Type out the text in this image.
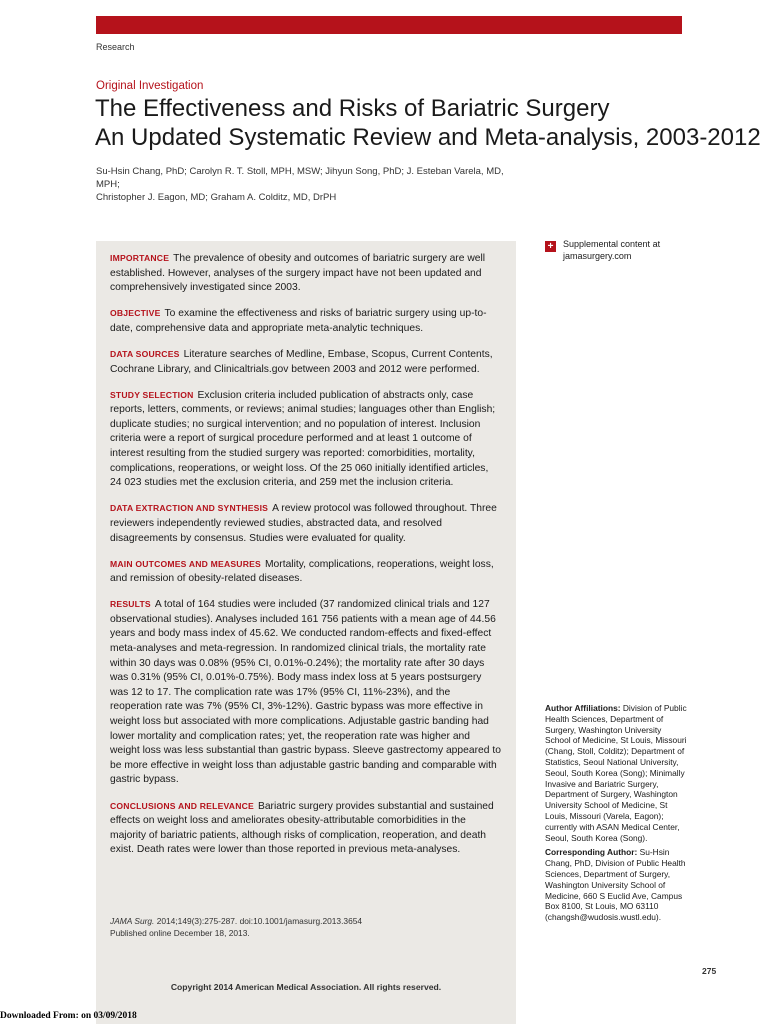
Research
Original Investigation
The Effectiveness and Risks of Bariatric Surgery
An Updated Systematic Review and Meta-analysis, 2003-2012
Su-Hsin Chang, PhD; Carolyn R. T. Stoll, MPH, MSW; Jihyun Song, PhD; J. Esteban Varela, MD, MPH;
Christopher J. Eagon, MD; Graham A. Colditz, MD, DrPH

IMPORTANCE The prevalence of obesity and outcomes of bariatric surgery are well established. However, analyses of the surgery impact have not been updated and comprehensively investigated since 2003.

OBJECTIVE To examine the effectiveness and risks of bariatric surgery using up-to-date, comprehensive data and appropriate meta-analytic techniques.

DATA SOURCES Literature searches of Medline, Embase, Scopus, Current Contents, Cochrane Library, and Clinicaltrials.gov between 2003 and 2012 were performed.

STUDY SELECTION Exclusion criteria included publication of abstracts only, case reports, letters, comments, or reviews; animal studies; languages other than English; duplicate studies; no surgical intervention; and no population of interest. Inclusion criteria were a report of surgical procedure performed and at least 1 outcome of interest resulting from the studied surgery was reported: comorbidities, mortality, complications, reoperations, or weight loss. Of the 25 060 initially identified articles, 24 023 studies met the exclusion criteria, and 259 met the inclusion criteria.

DATA EXTRACTION AND SYNTHESIS A review protocol was followed throughout. Three reviewers independently reviewed studies, abstracted data, and resolved disagreements by consensus. Studies were evaluated for quality.

MAIN OUTCOMES AND MEASURES Mortality, complications, reoperations, weight loss, and remission of obesity-related diseases.

RESULTS A total of 164 studies were included (37 randomized clinical trials and 127 observational studies). Analyses included 161 756 patients with a mean age of 44.56 years and body mass index of 45.62. We conducted random-effects and fixed-effect meta-analyses and meta-regression. In randomized clinical trials, the mortality rate within 30 days was 0.08% (95% CI, 0.01%-0.24%); the mortality rate after 30 days was 0.31% (95% CI, 0.01%-0.75%). Body mass index loss at 5 years postsurgery was 12 to 17. The complication rate was 17% (95% CI, 11%-23%), and the reoperation rate was 7% (95% CI, 3%-12%). Gastric bypass was more effective in weight loss but associated with more complications. Adjustable gastric banding had lower mortality and complication rates; yet, the reoperation rate was higher and weight loss was less substantial than gastric bypass. Sleeve gastrectomy appeared to be more effective in weight loss than adjustable gastric banding and comparable with gastric bypass.

CONCLUSIONS AND RELEVANCE Bariatric surgery provides substantial and sustained effects on weight loss and ameliorates obesity-attributable comorbidities in the majority of bariatric patients, although risks of complication, reoperation, and death exist. Death rates were lower than those reported in previous meta-analyses.

JAMA Surg. 2014;149(3):275-287. doi:10.1001/jamasurg.2013.3654
Published online December 18, 2013.
Copyright 2014 American Medical Association. All rights reserved.
+ Supplemental content at
jamasurgery.com

Author Affiliations: Division of Public Health Sciences, Department of Surgery, Washington University School of Medicine, St Louis, Missouri (Chang, Stoll, Colditz); Department of Statistics, Seoul National University, Seoul, South Korea (Song); Minimally Invasive and Bariatric Surgery, Department of Surgery, Washington University School of Medicine, St Louis, Missouri (Varela, Eagon); currently with ASAN Medical Center, Seoul, South Korea (Song).

Corresponding Author: Su-Hsin Chang, PhD, Division of Public Health Sciences, Department of Surgery, Washington University School of Medicine, 660 S Euclid Ave, Campus Box 8100, St Louis, MO 63110 (changsh@wudosis.wustl.edu).

275
Downloaded From: on 03/09/2018
